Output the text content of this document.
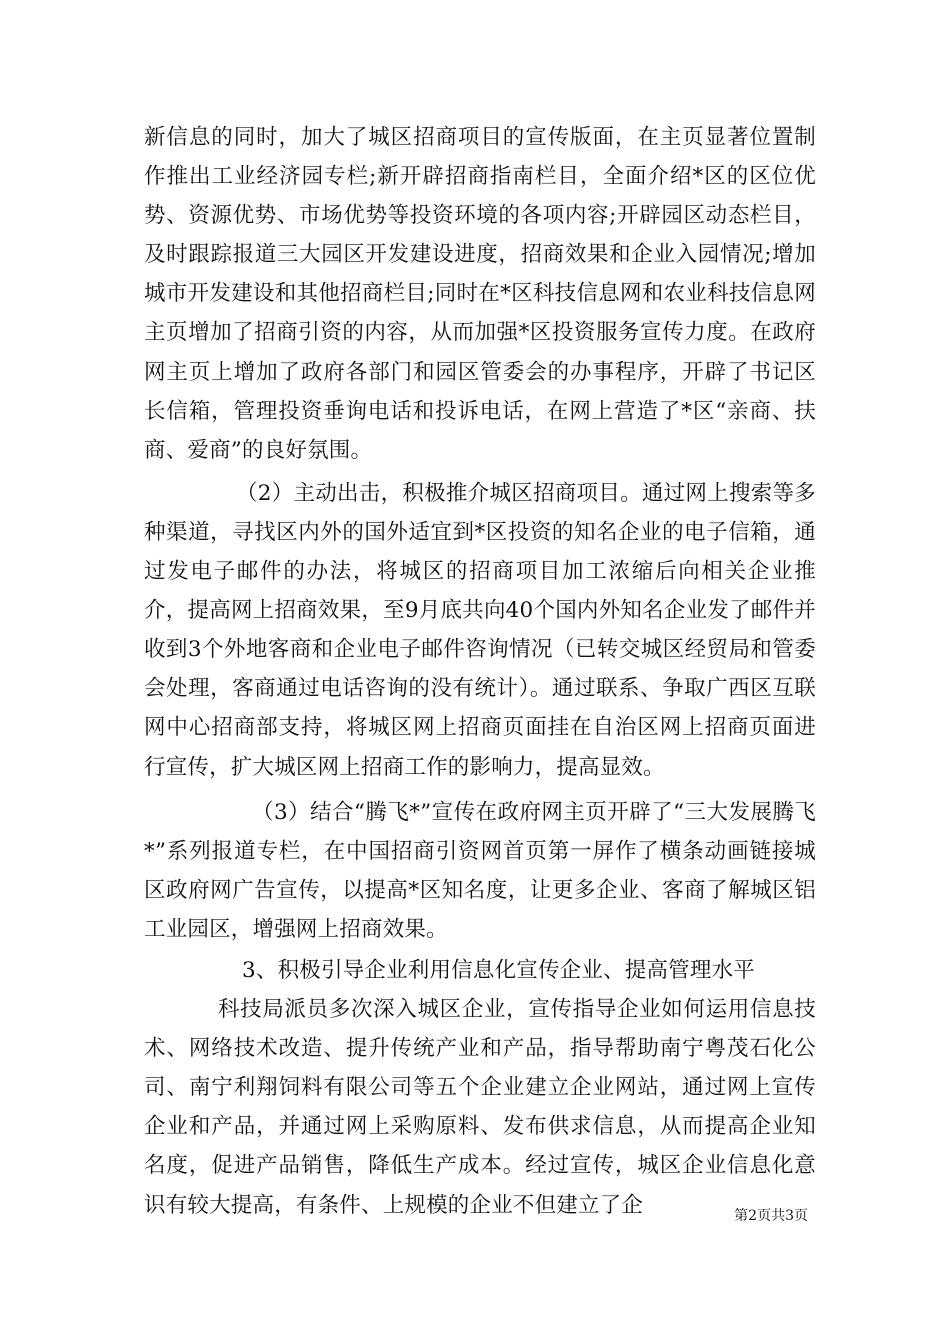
新信息的同时，加大了城区招商项目的宣传版面，在主页显著位置制作推出工业经济园专栏;新开辟招商指南栏目，全面介绍*区的区位优势、资源优势、市场优势等投资环境的各项内容;开辟园区动态栏目，及时跟踪报道三大园区开发建设进度，招商效果和企业入园情况;增加城市开发建设和其他招商栏目;同时在*区科技信息网和农业科技信息网主页增加了招商引资的内容，从而加强*区投资服务宣传力度。在政府网主页上增加了政府各部门和园区管委会的办事程序，开辟了书记区长信箱，管理投资垂询电话和投诉电话，在网上营造了*区“亲商、扶商、爱商”的良好氛围。

（2）主动出击，积极推介城区招商项目。通过网上搜索等多种渠道，寻找区内外的国外适宜到*区投资的知名企业的电子信箱，通过发电子邮件的办法，将城区的招商项目加工浓缩后向相关企业推介，提高网上招商效果，至9月底共向40个国内外知名企业发了邮件并收到3个外地客商和企业电子邮件咨询情况（已转交城区经贸局和管委会处理，客商通过电话咨询的没有统计）。通过联系、争取广西区互联网中心招商部支持，将城区网上招商页面挂在自治区网上招商页面进行宣传，扩大城区网上招商工作的影响力，提高显效。

（3）结合“腾飞*”宣传在政府网主页开辟了“三大发展腾飞*”系列报道专栏，在中国招商引资网首页第一屏作了横条动画链接城区政府网广告宣传，以提高*区知名度，让更多企业、客商了解城区铝工业园区，增强网上招商效果。

3、积极引导企业利用信息化宣传企业、提高管理水平

科技局派员多次深入城区企业，宣传指导企业如何运用信息技术、网络技术改造、提升传统产业和产品，指导帮助南宁粤茂石化公司、南宁利翔饲料有限公司等五个企业建立企业网站，通过网上宣传企业和产品，并通过网上采购原料、发布供求信息，从而提高企业知名度，促进产品销售，降低生产成本。经过宣传，城区企业信息化意识有较大提高，有条件、上规模的企业不但建立了企	第2页共3页
